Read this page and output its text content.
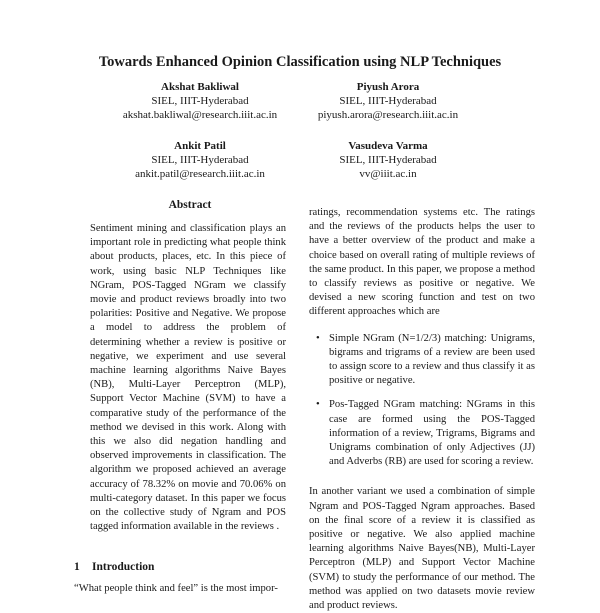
Towards Enhanced Opinion Classification using NLP Techniques
Akshat Bakliwal
SIEL, IIIT-Hyderabad
akshat.bakliwal@research.iiit.ac.in
Piyush Arora
SIEL, IIIT-Hyderabad
piyush.arora@research.iiit.ac.in
Ankit Patil
SIEL, IIIT-Hyderabad
ankit.patil@research.iiit.ac.in
Vasudeva Varma
SIEL, IIIT-Hyderabad
vv@iiit.ac.in
Abstract
Sentiment mining and classification plays an important role in predicting what people think about products, places, etc. In this piece of work, using basic NLP Techniques like NGram, POS-Tagged NGram we classify movie and product reviews broadly into two polarities: Positive and Negative. We propose a model to address the problem of determining whether a review is positive or negative, we experiment and use several machine learning algorithms Naive Bayes (NB), Multi-Layer Perceptron (MLP), Support Vector Machine (SVM) to have a comparative study of the performance of the method we devised in this work. Along with this we also did negation handling and observed improvements in classification. The algorithm we proposed achieved an average accuracy of 78.32% on movie and 70.06% on multi-category dataset. In this paper we focus on the collective study of Ngram and POS tagged information available in the reviews .
1 Introduction
“What people think and feel” is the most impor-

ratings, recommendation systems etc. The ratings and the reviews of the products helps the user to have a better overview of the product and make a choice based on overall rating of multiple reviews of the same product. In this paper, we propose a method to classify reviews as positive or negative. We devised a new scoring function and test on two different approaches which are

• Simple NGram (N=1/2/3) matching: Unigrams, bigrams and trigrams of a review are been used to assign score to a review and thus classify it as positive or negative.
• Pos-Tagged NGram matching: NGrams in this case are formed using the POS-Tagged information of a review, Trigrams, Bigrams and Unigrams combination of only Adjectives (JJ) and Adverbs (RB) are used for scoring a review.

In another variant we used a combination of simple Ngram and POS-Tagged Ngram approaches. Based on the final score of a review it is classified as positive or negative. We also applied machine learning algorithms Naive Bayes(NB), Multi-Layer Perceptron (MLP) and Support Vector Machine (SVM) to study the performance of our method. The method was applied on two datasets movie review and product reviews.
